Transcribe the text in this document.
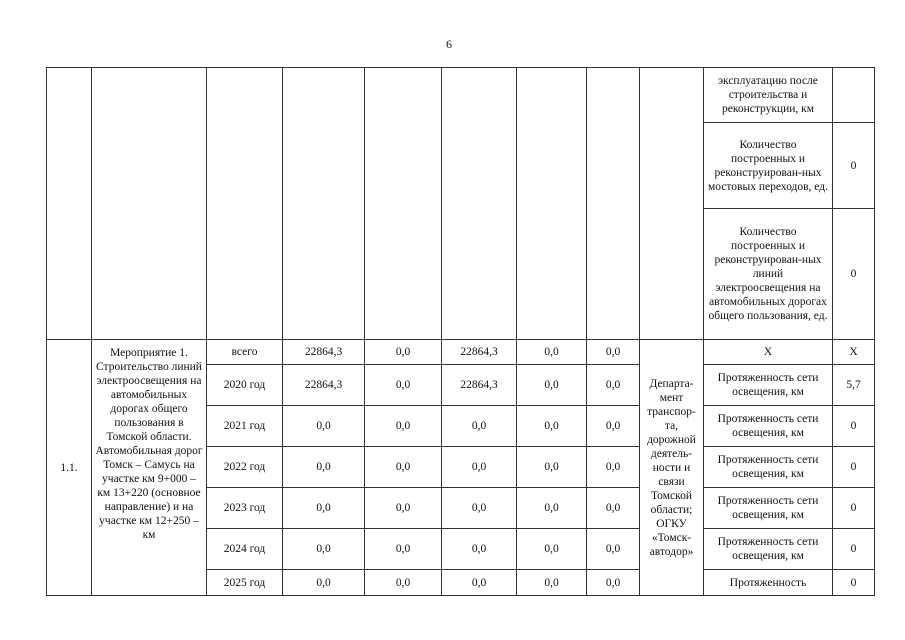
6
									эксплуатацию после строительства и реконструкции, км	
									Количество построенных и реконструирован-ных мостовых переходов, ед.	0
									Количество построенных и реконструирован-ных линий электроосвещения на автомобильных дорогах общего пользования, ед.	0
1.1.	Мероприятие 1. Строительство линий электроосвещения на автомобильных дорогах общего пользования в Томской области. Автомобильная дорог Томск – Самусь на участке км 9+000 – км 13+220 (основное направление) и на участке км 12+250 – км	всего	22864,3	0,0	22864,3	0,0	0,0	Департа-мент транспор-та, дорожной деятель-ности и связи Томской области; ОГКУ «Томск-автодор»	Х	Х
		2020 год	22864,3	0,0	22864,3	0,0	0,0		Протяженность сети освещения, км	5,7
		2021 год	0,0	0,0	0,0	0,0	0,0		Протяженность сети освещения, км	0
		2022 год	0,0	0,0	0,0	0,0	0,0		Протяженность сети освещения, км	0
		2023 год	0,0	0,0	0,0	0,0	0,0		Протяженность сети освещения, км	0
		2024 год	0,0	0,0	0,0	0,0	0,0		Протяженность сети освещения, км	0
		2025 год	0,0	0,0	0,0	0,0	0,0		Протяженность	0
